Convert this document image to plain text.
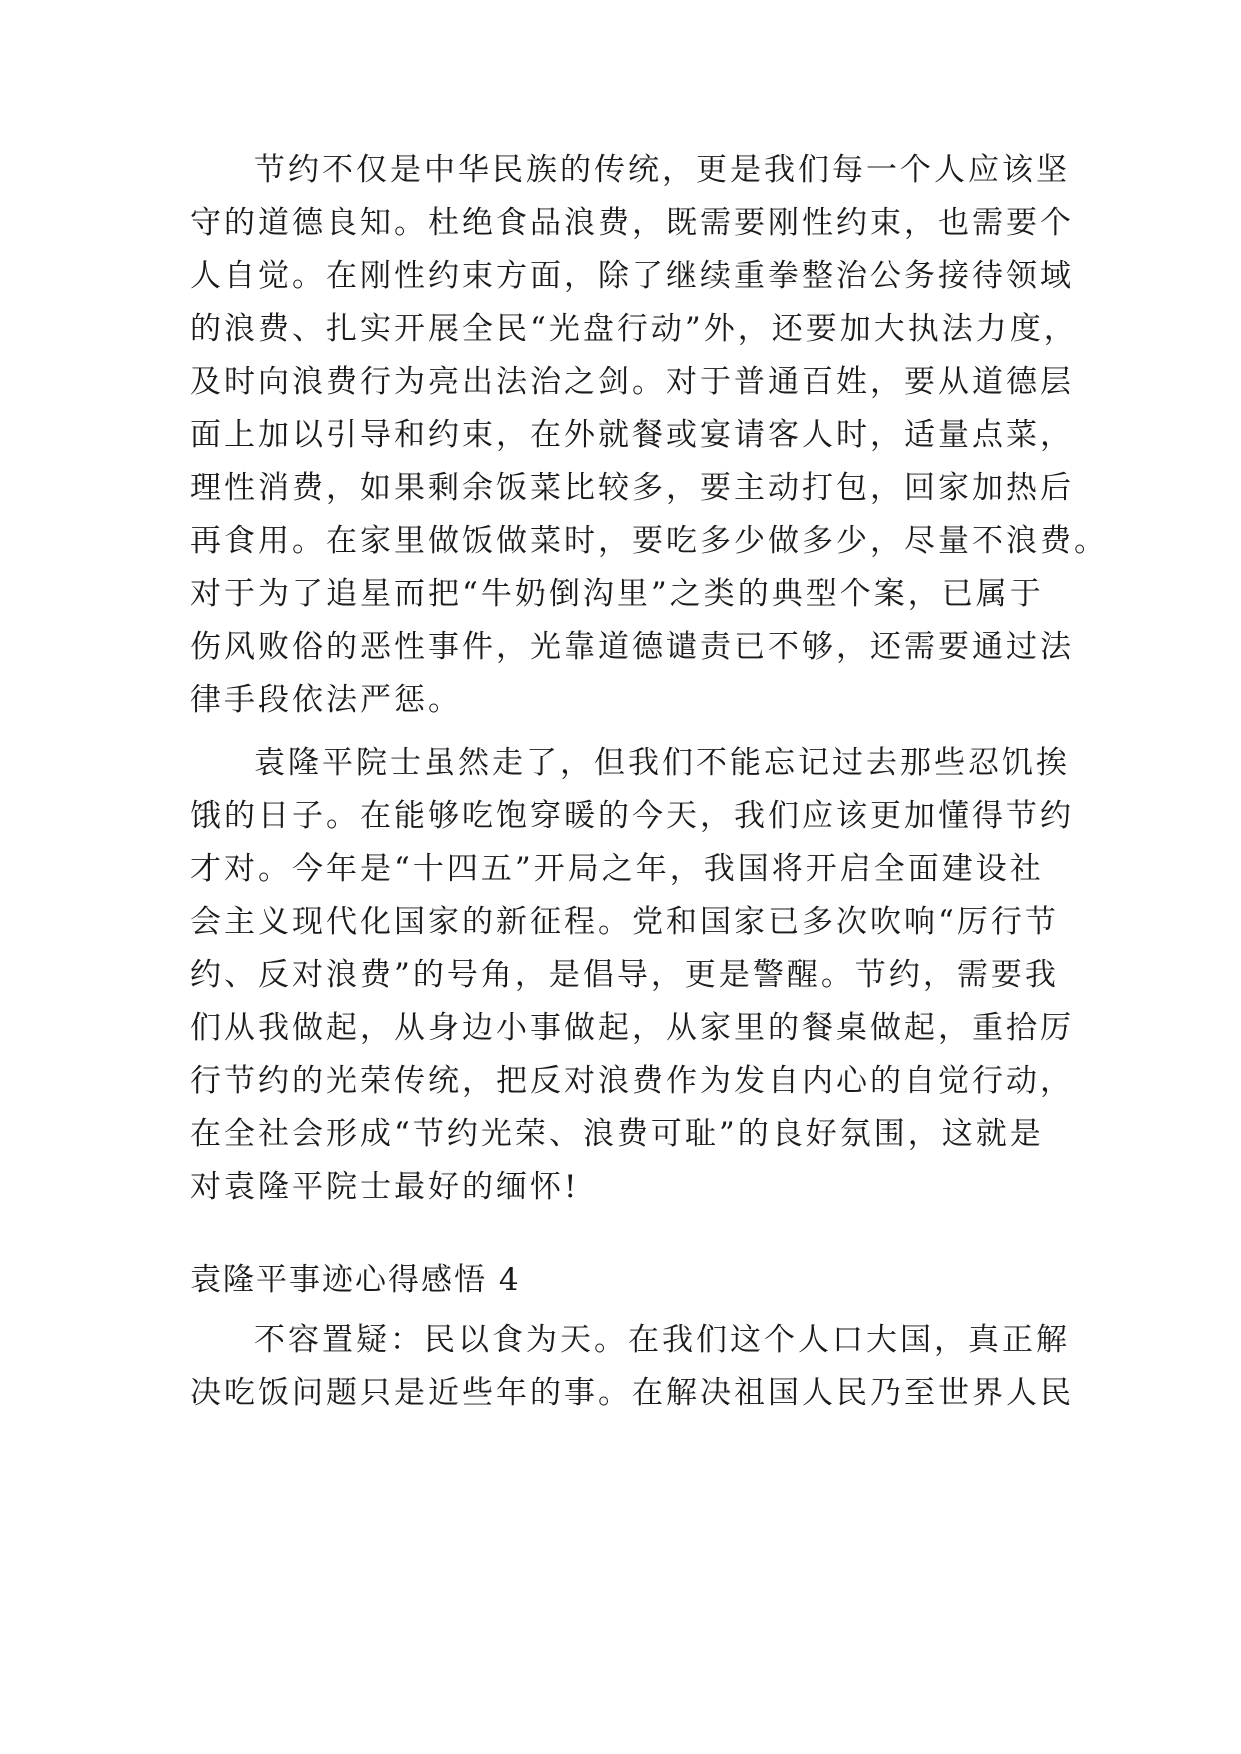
节约不仅是中华民族的传统，更是我们每一个人应该坚
守的道德良知。杜绝食品浪费，既需要刚性约束，也需要个
人自觉。在刚性约束方面，除了继续重拳整治公务接待领域
的浪费、扎实开展全民“光盘行动”外，还要加大执法力度，
及时向浪费行为亮出法治之剑。对于普通百姓，要从道德层
面上加以引导和约束，在外就餐或宴请客人时，适量点菜，
理性消费，如果剩余饭菜比较多，要主动打包，回家加热后
再食用。在家里做饭做菜时，要吃多少做多少，尽量不浪费。
对于为了追星而把“牛奶倒沟里”之类的典型个案，已属于
伤风败俗的恶性事件，光靠道德谴责已不够，还需要通过法
律手段依法严惩。
袁隆平院士虽然走了，但我们不能忘记过去那些忍饥挨
饿的日子。在能够吃饱穿暖的今天，我们应该更加懂得节约
才对。今年是“十四五”开局之年，我国将开启全面建设社
会主义现代化国家的新征程。党和国家已多次吹响“厉行节
约、反对浪费”的号角，是倡导，更是警醒。节约，需要我
们从我做起，从身边小事做起，从家里的餐桌做起，重拾厉
行节约的光荣传统，把反对浪费作为发自内心的自觉行动，
在全社会形成“节约光荣、浪费可耻”的良好氛围，这就是
对袁隆平院士最好的缅怀!
袁隆平事迹心得感悟 4
不容置疑：民以食为天。在我们这个人口大国，真正解
决吃饭问题只是近些年的事。在解决祖国人民乃至世界人民
